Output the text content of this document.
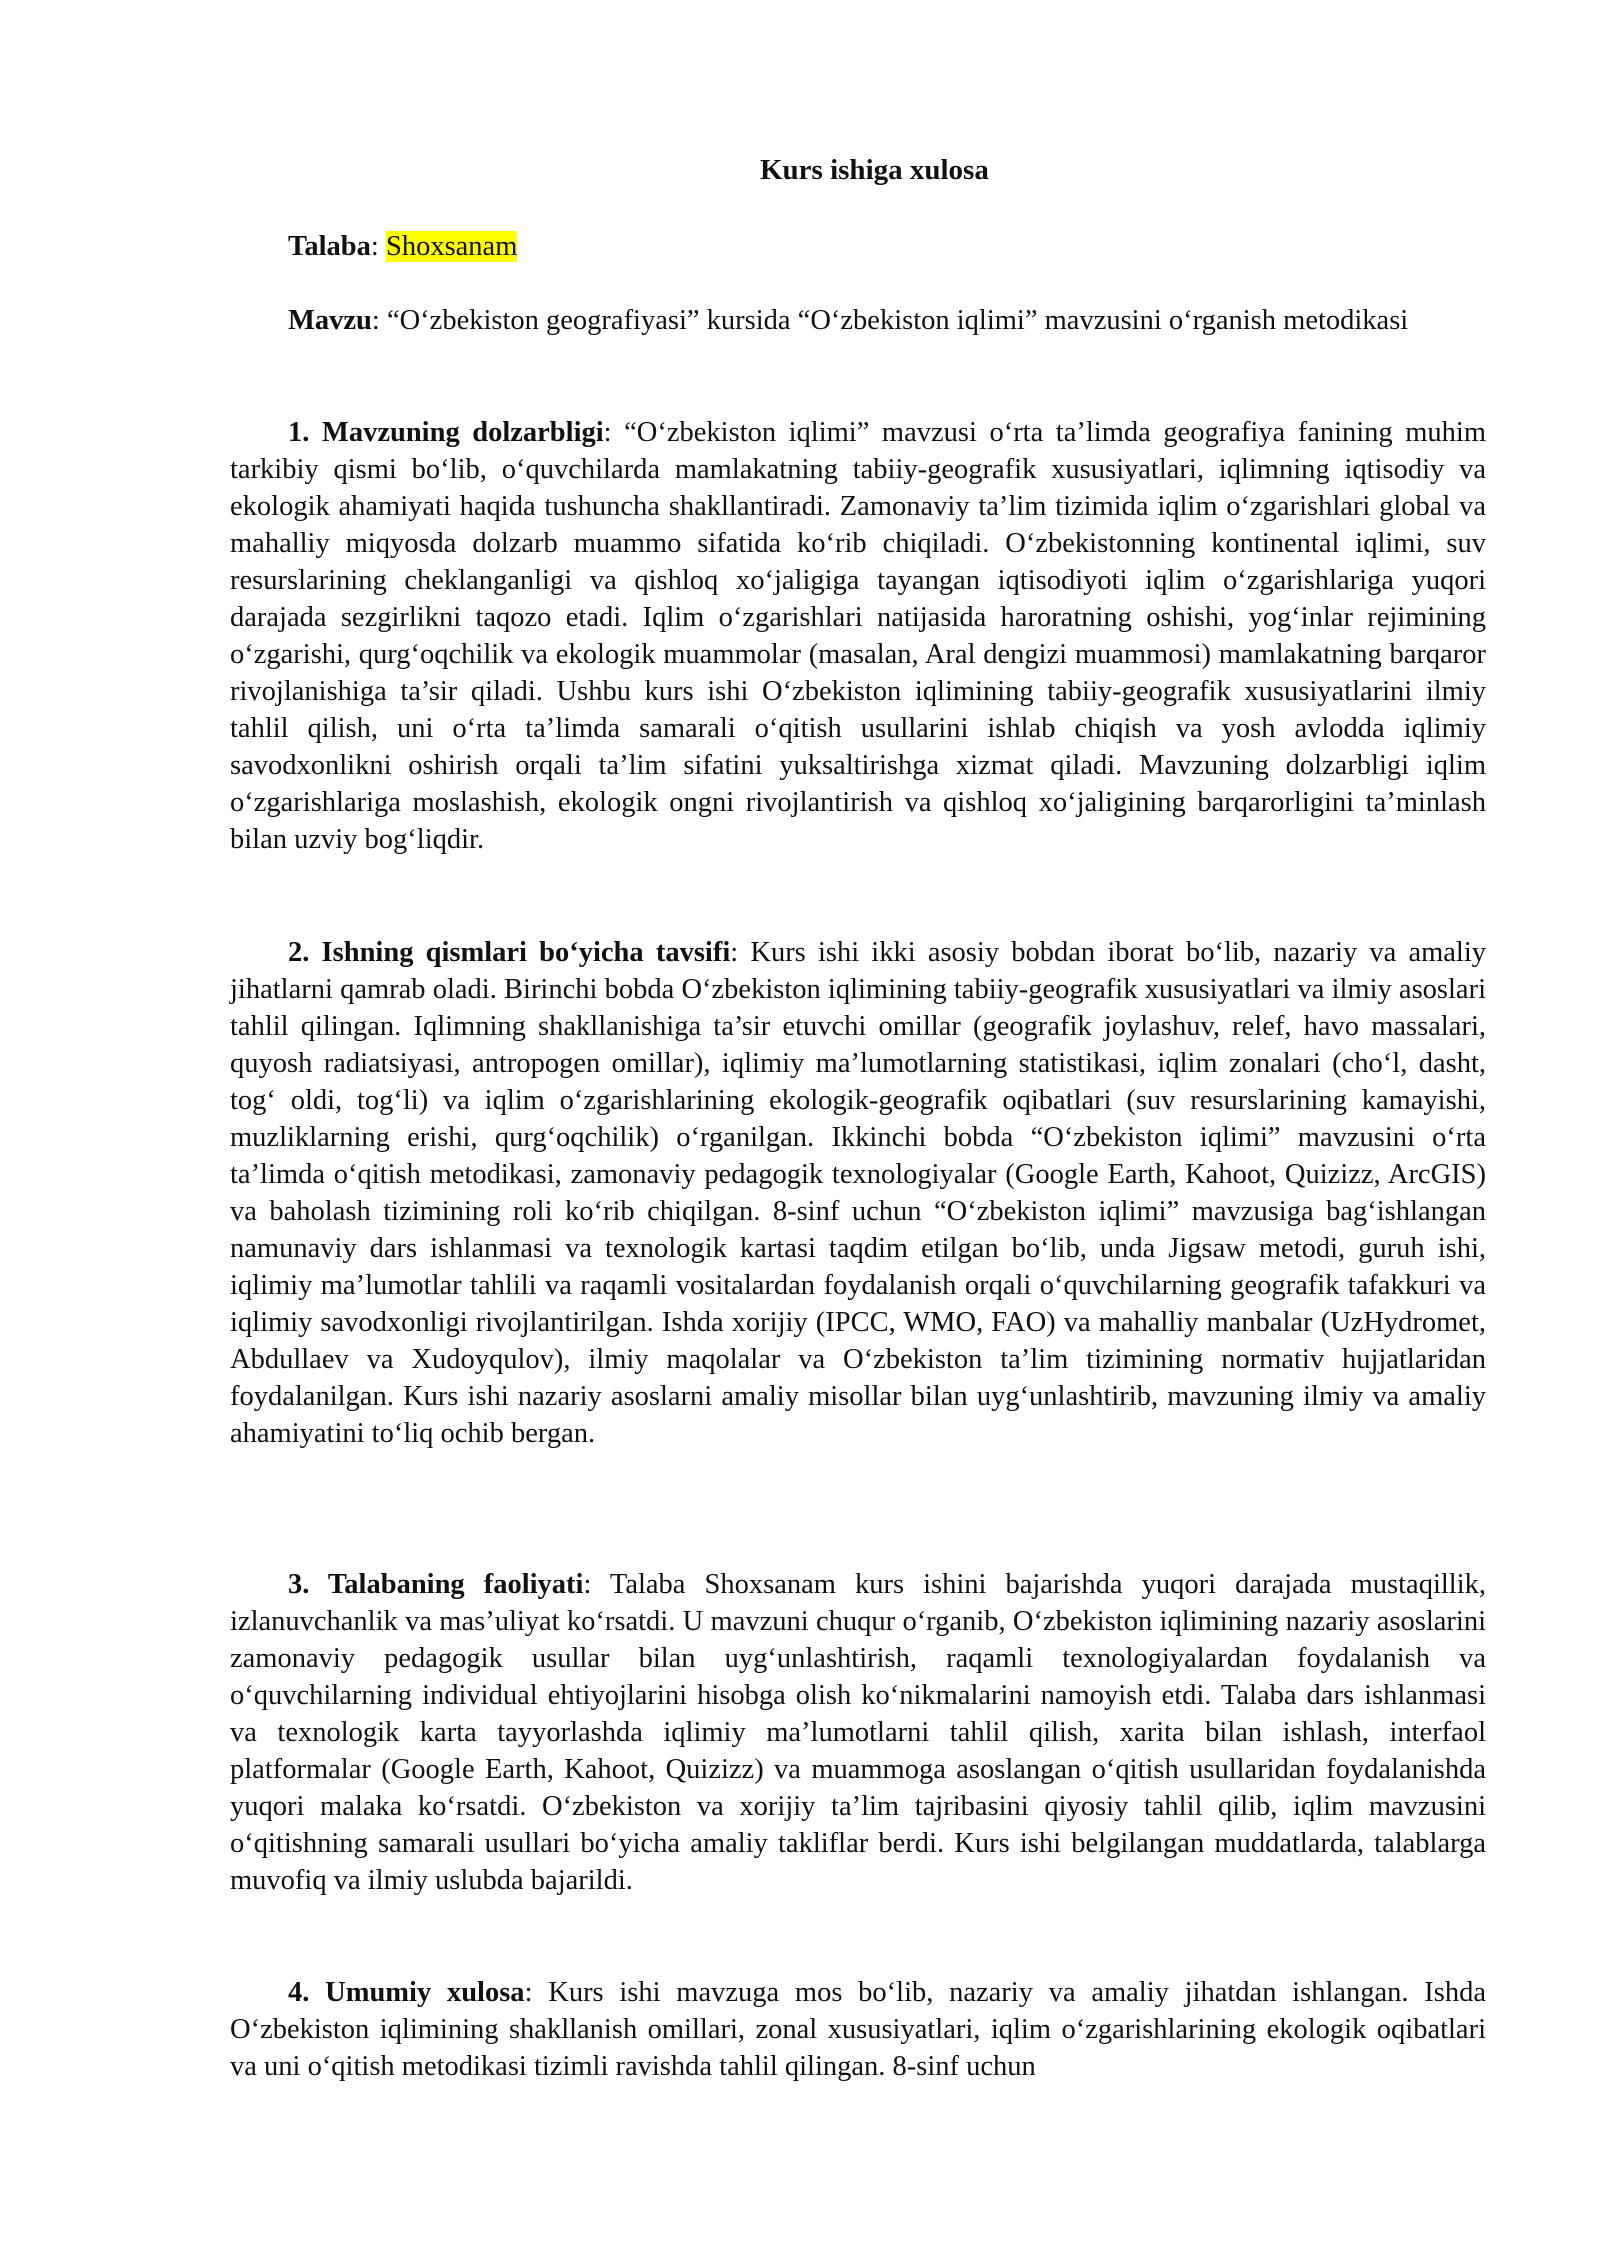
Kurs ishiga xulosa
Talaba: Shoxsanam
Mavzu: “O‘zbekiston geografiyasi” kursida “O‘zbekiston iqlimi” mavzusini o‘rganish metodikasi
1. Mavzuning dolzarbligi: “O‘zbekiston iqlimi” mavzusi o‘rta ta’limda geografiya fanining muhim tarkibiy qismi bo‘lib, o‘quvchilarda mamlakatning tabiiy-geografik xususiyatlari, iqlimning iqtisodiy va ekologik ahamiyati haqida tushuncha shakllantiradi. Zamonaviy ta’lim tizimida iqlim o‘zgarishlari global va mahalliy miqyosda dolzarb muammo sifatida ko‘rib chiqiladi. O‘zbekistonning kontinental iqlimi, suv resurslarining cheklanganligi va qishloq xo‘jaligiga tayangan iqtisodiyoti iqlim o‘zgarishlariga yuqori darajada sezgirlikni taqozo etadi. Iqlim o‘zgarishlari natijasida haroratning oshishi, yog‘inlar rejimining o‘zgarishi, qurg‘oqchilik va ekologik muammolar (masalan, Aral dengizi muammosi) mamlakatning barqaror rivojlanishiga ta’sir qiladi. Ushbu kurs ishi O‘zbekiston iqlimining tabiiy-geografik xususiyatlarini ilmiy tahlil qilish, uni o‘rta ta’limda samarali o‘qitish usullarini ishlab chiqish va yosh avlodda iqlimiy savodxonlikni oshirish orqali ta’lim sifatini yuksaltirishga xizmat qiladi. Mavzuning dolzarbligi iqlim o‘zgarishlariga moslashish, ekologik ongni rivojlantirish va qishloq xo‘jaligining barqarorligini ta’minlash bilan uzviy bog‘liqdir.
2. Ishning qismlari bo‘yicha tavsifi: Kurs ishi ikki asosiy bobdan iborat bo‘lib, nazariy va amaliy jihatlarni qamrab oladi. Birinchi bobda O‘zbekiston iqlimining tabiiy-geografik xususiyatlari va ilmiy asoslari tahlil qilingan. Iqlimning shakllanishiga ta’sir etuvchi omillar (geografik joylashuv, relef, havo massalari, quyosh radiatsiyasi, antropogen omillar), iqlimiy ma’lumotlarning statistikasi, iqlim zonalari (cho‘l, dasht, tog‘ oldi, tog‘li) va iqlim o‘zgarishlarining ekologik-geografik oqibatlari (suv resurslarining kamayishi, muzliklarning erishi, qurg‘oqchilik) o‘rganilgan. Ikkinchi bobda “O‘zbekiston iqlimi” mavzusini o‘rta ta’limda o‘qitish metodikasi, zamonaviy pedagogik texnologiyalar (Google Earth, Kahoot, Quizizz, ArcGIS) va baholash tizimining roli ko‘rib chiqilgan. 8-sinf uchun “O‘zbekiston iqlimi” mavzusiga bag‘ishlangan namunaviy dars ishlanmasi va texnologik kartasi taqdim etilgan bo‘lib, unda Jigsaw metodi, guruh ishi, iqlimiy ma’lumotlar tahlili va raqamli vositalardan foydalanish orqali o‘quvchilarning geografik tafakkuri va iqlimiy savodxonligi rivojlantirilgan. Ishda xorijiy (IPCC, WMO, FAO) va mahalliy manbalar (UzHydromet, Abdullaev va Xudoyqulov), ilmiy maqolalar va O‘zbekiston ta’lim tizimining normativ hujjatlaridan foydalanilgan. Kurs ishi nazariy asoslarni amaliy misollar bilan uyg‘unlashtirib, mavzuning ilmiy va amaliy ahamiyatini to‘liq ochib bergan.
3. Talabaning faoliyati: Talaba Shoxsanam kurs ishini bajarishda yuqori darajada mustaqillik, izlanuvchanlik va mas’uliyat ko‘rsatdi. U mavzuni chuqur o‘rganib, O‘zbekiston iqlimining nazariy asoslarini zamonaviy pedagogik usullar bilan uyg‘unlashtirish, raqamli texnologiyalardan foydalanish va o‘quvchilarning individual ehtiyojlarini hisobga olish ko‘nikmalarini namoyish etdi. Talaba dars ishlanmasi va texnologik karta tayyorlashda iqlimiy ma’lumotlarni tahlil qilish, xarita bilan ishlash, interfaol platformalar (Google Earth, Kahoot, Quizizz) va muammoga asoslangan o‘qitish usullaridan foydalanishda yuqori malaka ko‘rsatdi. O‘zbekiston va xorijiy ta’lim tajribasini qiyosiy tahlil qilib, iqlim mavzusini o‘qitishning samarali usullari bo‘yicha amaliy takliflar berdi. Kurs ishi belgilangan muddatlarda, talablarga muvofiq va ilmiy uslubda bajarildi.
4. Umumiy xulosa: Kurs ishi mavzuga mos bo‘lib, nazariy va amaliy jihatdan ishlangan. Ishda O‘zbekiston iqlimining shakllanish omillari, zonal xususiyatlari, iqlim o‘zgarishlarining ekologik oqibatlari va uni o‘qitish metodikasi tizimli ravishda tahlil qilingan. 8-sinf uchun
